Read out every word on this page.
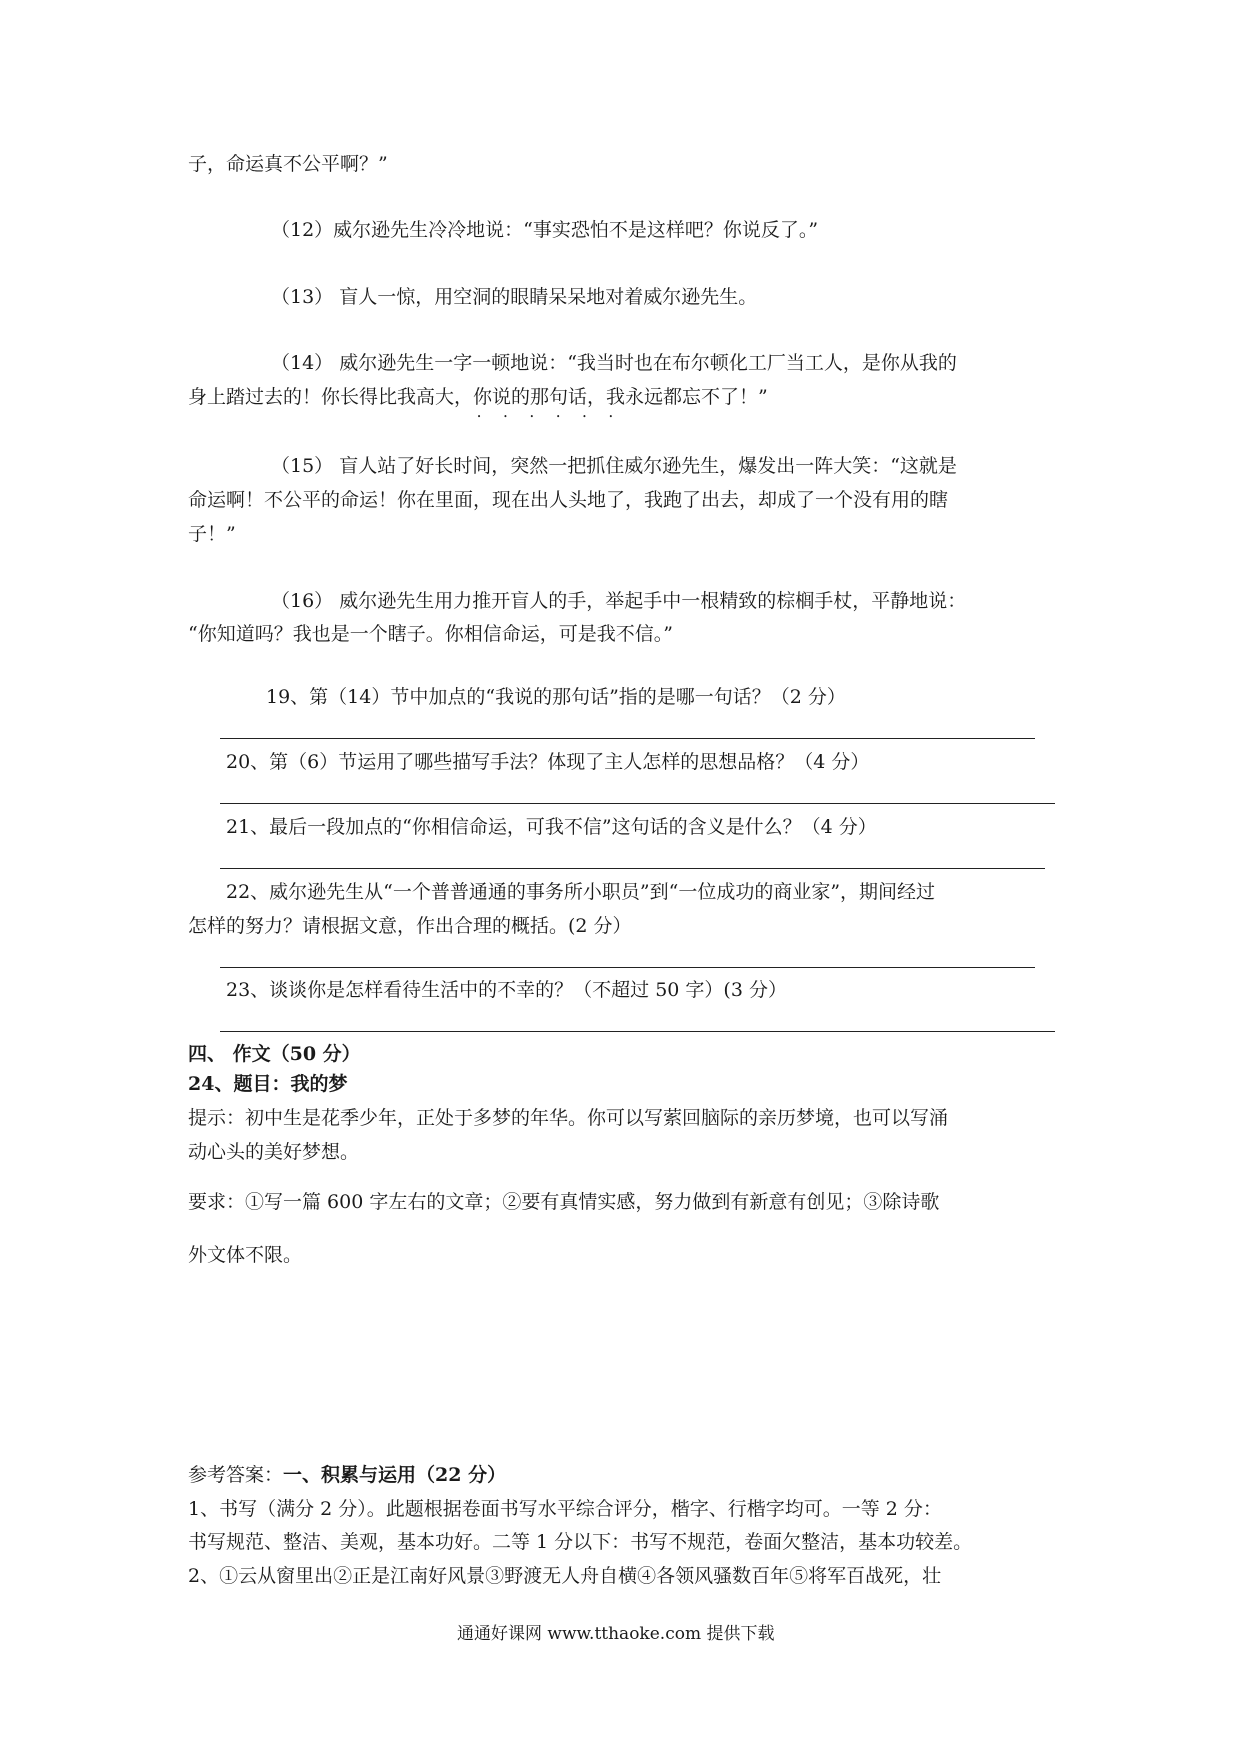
子，命运真不公平啊？”
（12）威尔逊先生冷冷地说：“事实恐怕不是这样吧？你说反了。”
（13） 盲人一惊，用空洞的眼睛呆呆地对着威尔逊先生。
（14） 威尔逊先生一字一顿地说：“我当时也在布尔顿化工厂当工人，是你从我的
身上踏过去的！你长得比我高大，你说的那句话 • • •，我永远都忘不了！”
（15） 盲人站了好长时间，突然一把抓住威尔逊先生，爆发出一阵大笑：“这就是
命运啊！不公平的命运！你在里面，现在出人头地了，我跑了出去，却成了一个没有用的瞎
子！”
（16） 威尔逊先生用力推开盲人的手，举起手中一根精致的棕榈手杖，平静地说：
“你知道吗？我也是一个瞎子。你相信命运，可是我不信。”
19、第（14）节中加点的“我说的那句话”指的是哪一句话？（2 分）
20、第（6）节运用了哪些描写手法？体现了主人怎样的思想品格？（4 分）
21、最后一段加点的“你相信命运，可我不信”这句话的含义是什么？（4 分）
22、威尔逊先生从“一个普普通通的事务所小职员”到“一位成功的商业家”，期间经过
怎样的努力？请根据文意，作出合理的概括。(2 分）
23、谈谈你是怎样看待生活中的不幸的？（不超过 50 字）(3 分）
四、 作文（50 分）
24、题目：我的梦
提示：初中生是花季少年，正处于多梦的年华。你可以写萦回脑际的亲历梦境，也可以写涌
动心头的美好梦想。
要求：①写一篇 600 字左右的文章；②要有真情实感，努力做到有新意有创见；③除诗歌
外文体不限。
参考答案：一、积累与运用（22 分）
1、书写（满分 2 分）。此题根据卷面书写水平综合评分，楷字、行楷字均可。一等 2 分：
书写规范、整洁、美观，基本功好。二等 1 分以下：书写不规范，卷面欠整洁，基本功较差。
2、①云从窗里出②正是江南好风景③野渡无人舟自横④各领风骚数百年⑤将军百战死，壮
通通好课网 www.tthaoke.com 提供下载
